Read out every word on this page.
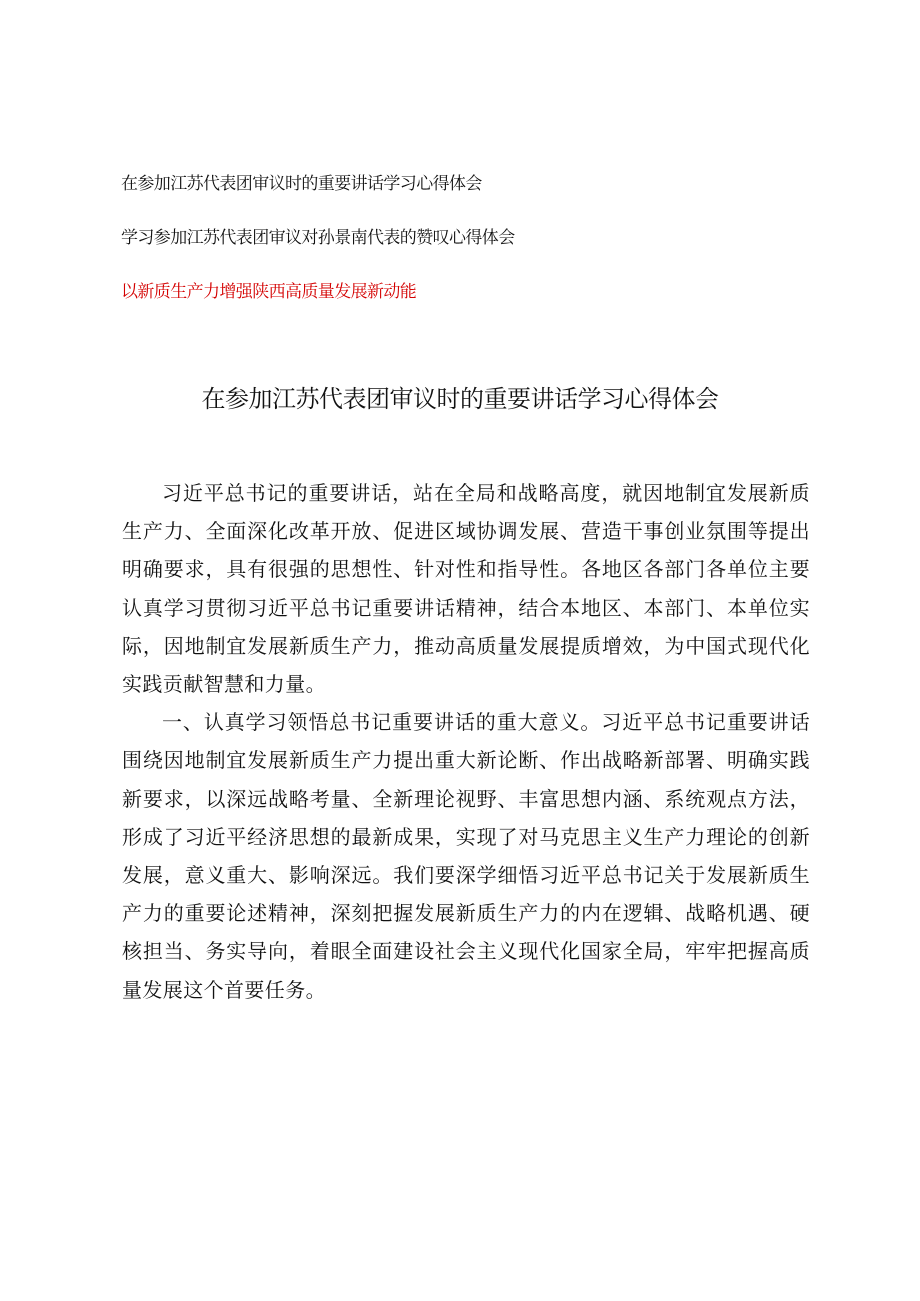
在参加江苏代表团审议时的重要讲话学习心得体会
学习参加江苏代表团审议对孙景南代表的赞叹心得体会
以新质生产力增强陕西高质量发展新动能
在参加江苏代表团审议时的重要讲话学习心得体会

习近平总书记的重要讲话，站在全局和战略高度，就因地制宜发展新质生产力、全面深化改革开放、促进区域协调发展、营造干事创业氛围等提出明确要求，具有很强的思想性、针对性和指导性。各地区各部门各单位主要认真学习贯彻习近平总书记重要讲话精神，结合本地区、本部门、本单位实际，因地制宜发展新质生产力，推动高质量发展提质增效，为中国式现代化实践贡献智慧和力量。

一、认真学习领悟总书记重要讲话的重大意义。习近平总书记重要讲话围绕因地制宜发展新质生产力提出重大新论断、作出战略新部署、明确实践新要求，以深远战略考量、全新理论视野、丰富思想内涵、系统观点方法，形成了习近平经济思想的最新成果，实现了对马克思主义生产力理论的创新发展，意义重大、影响深远。我们要深学细悟习近平总书记关于发展新质生产力的重要论述精神，深刻把握发展新质生产力的内在逻辑、战略机遇、硬核担当、务实导向，着眼全面建设社会主义现代化国家全局，牢牢把握高质量发展这个首要任务。
